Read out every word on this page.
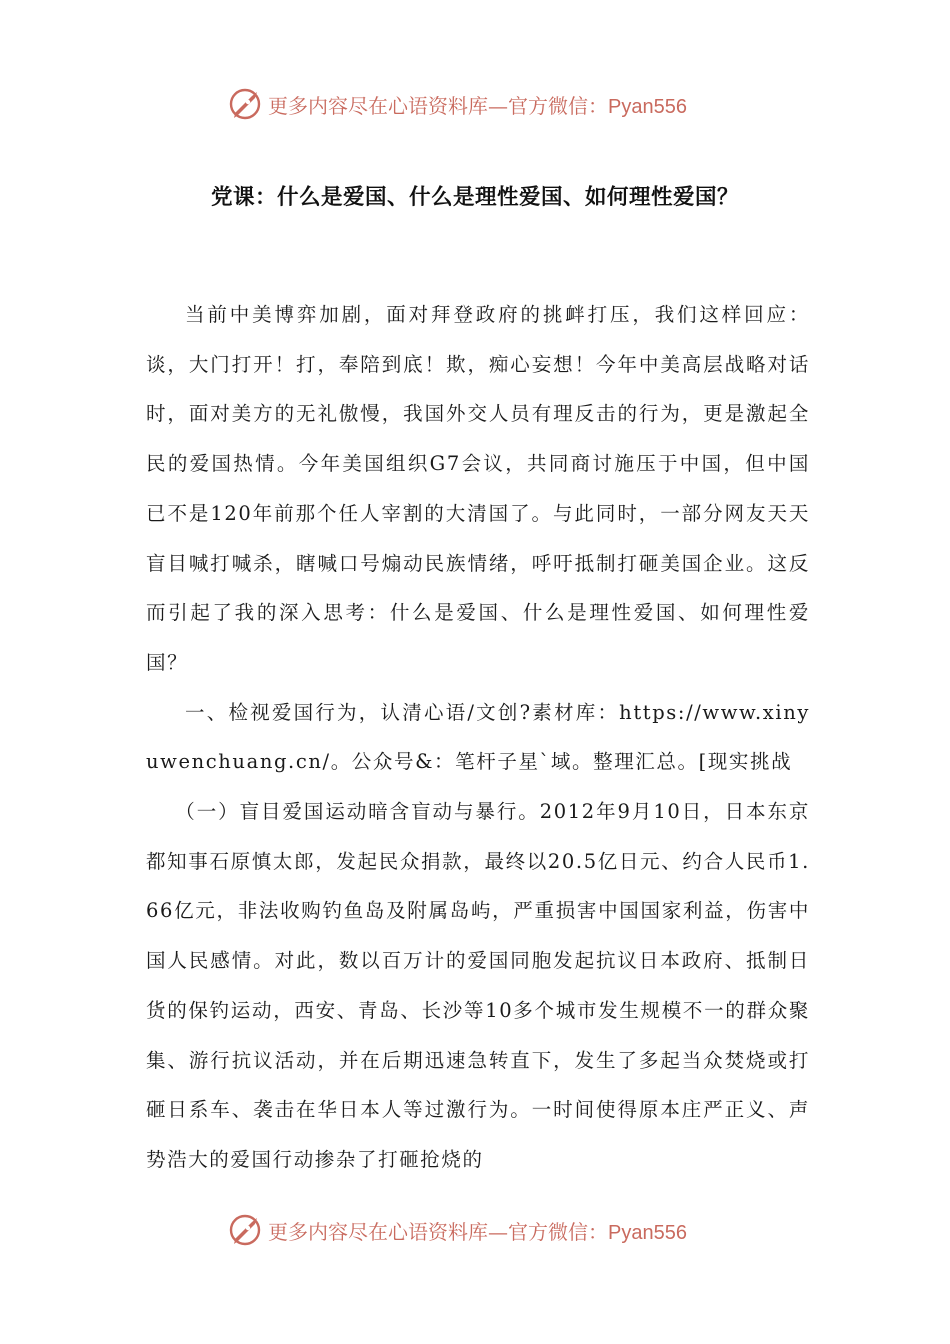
更多内容尽在心语资料库—官方微信：Pyan556
党课：什么是爱国、什么是理性爱国、如何理性爱国？

当前中美博弈加剧，面对拜登政府的挑衅打压，我们这样回应：谈，大门打开！打，奉陪到底！欺，痴心妄想！今年中美高层战略对话时，面对美方的无礼傲慢，我国外交人员有理反击的行为，更是激起全民的爱国热情。今年美国组织G7会议，共同商讨施压于中国，但中国已不是120年前那个任人宰割的大清国了。与此同时，一部分网友天天盲目喊打喊杀，瞎喊口号煽动民族情绪，呼吁抵制打砸美国企业。这反而引起了我的深入思考：什么是爱国、什么是理性爱国、如何理性爱国？

一、检视爱国行为，认清心语/文创?素材库：https://www.xinyuwenchuang.cn/。公众号&：笔杆子星`域。整理汇总。[现实挑战

（一）盲目爱国运动暗含盲动与暴行。2012年9月10日，日本东京都知事石原慎太郎，发起民众捐款，最终以20.5亿日元、约合人民币1.66亿元，非法收购钓鱼岛及附属岛屿，严重损害中国国家利益，伤害中国人民感情。对此，数以百万计的爱国同胞发起抗议日本政府、抵制日货的保钓运动，西安、青岛、长沙等10多个城市发生规模不一的群众聚集、游行抗议活动，并在后期迅速急转直下，发生了多起当众焚烧或打砸日系车、袭击在华日本人等过激行为。一时间使得原本庄严正义、声势浩大的爱国行动掺杂了打砸抢烧的

更多内容尽在心语资料库—官方微信：Pyan556
